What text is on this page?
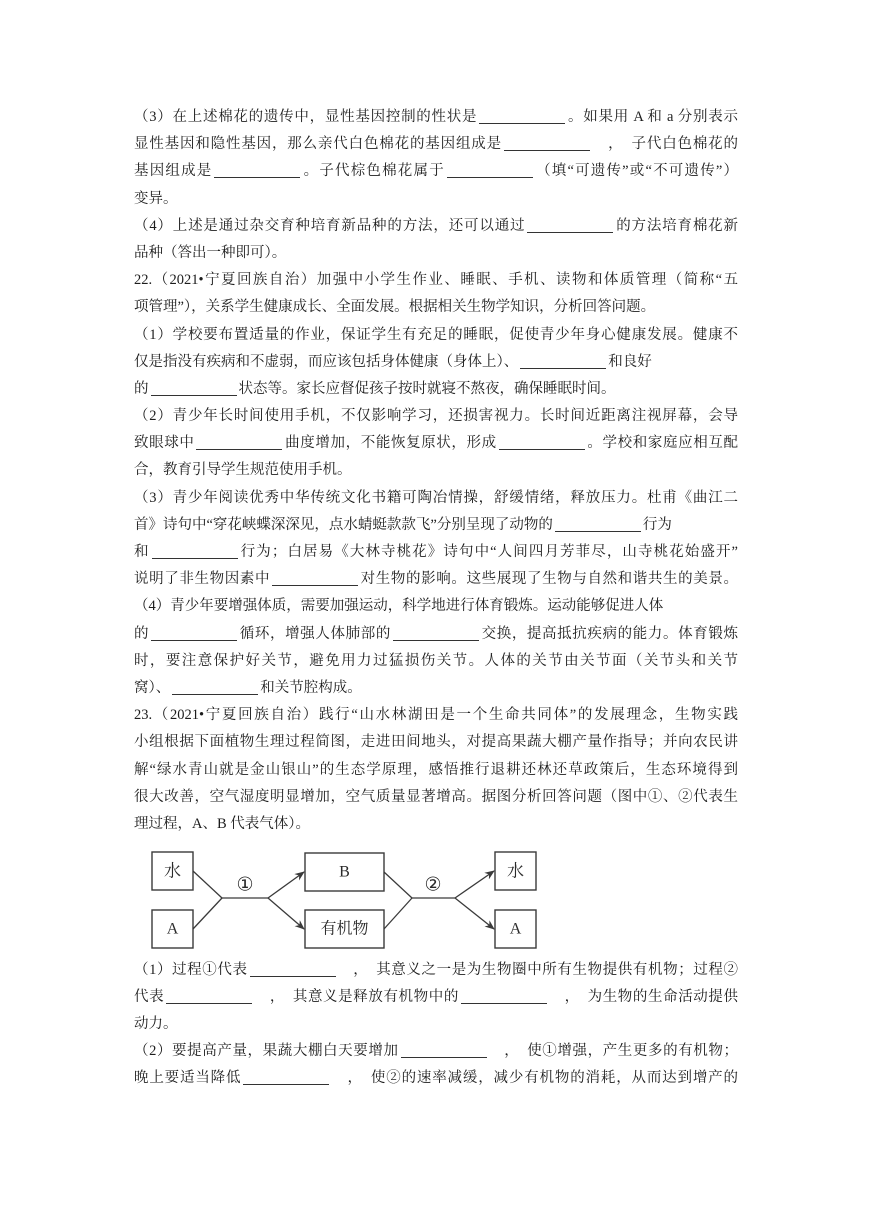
（3）在上述棉花的遗传中，显性基因控制的性状是	。如果用 A 和 a 分别表示
显性基因和隐性基因，那么亲代白色棉花的基因组成是	　，　子代白色棉花的
基因组成是	。子代棕色棉花属于	（填“可遗传”或“不可遗传”）
变异。
（4）上述是通过杂交育种培育新品种的方法，还可以通过	的方法培育棉花新
品种（答出一种即可）。
22.（2021•宁夏回族自治）加强中小学生作业、睡眠、手机、读物和体质管理（简称“五
项管理”），关系学生健康成长、全面发展。根据相关生物学知识，分析回答问题。
（1）学校要布置适量的作业，保证学生有充足的睡眠，促使青少年身心健康发展。健康不
仅是指没有疾病和不虚弱，而应该包括身体健康（身体上）、	和良好
的	状态等。家长应督促孩子按时就寝不熬夜，确保睡眠时间。
（2）青少年长时间使用手机，不仅影响学习，还损害视力。长时间近距离注视屏幕，会导
致眼球中	曲度增加，不能恢复原状，形成	。学校和家庭应相互配
合，教育引导学生规范使用手机。
（3）青少年阅读优秀中华传统文化书籍可陶冶情操，舒缓情绪，释放压力。杜甫《曲江二
首》诗句中“穿花峡蝶深深见，点水蜻蜓款款飞”分别呈现了动物的	行为
和	行为；白居易《大林寺桃花》诗句中“人间四月芳菲尽，山寺桃花始盛开”
说明了非生物因素中	对生物的影响。这些展现了生物与自然和谐共生的美景。
（4）青少年要增强体质，需要加强运动，科学地进行体育锻炼。运动能够促进人体
的	循环，增强人体肺部的	交换，提高抵抗疾病的能力。体育锻炼
时，要注意保护好关节，避免用力过猛损伤关节。人体的关节由关节面（关节头和关节
窝）、	和关节腔构成。
23.（2021•宁夏回族自治）践行“山水林湖田是一个生命共同体”的发展理念，生物实践
小组根据下面植物生理过程简图，走进田间地头，对提高果蔬大棚产量作指导；并向农民讲
解“绿水青山就是金山银山”的生态学原理，感悟推行退耕还林还草政策后，生态环境得到
很大改善，空气湿度明显增加，空气质量显著增高。据图分析回答问题（图中①、②代表生
理过程，A、B 代表气体）。
水
A
①
B
有机物
②
水
A
（1）过程①代表	　，　其意义之一是为生物圈中所有生物提供有机物；过程②
代表	　，　其意义是释放有机物中的	　，　为生物的生命活动提供
动力。
（2）要提高产量，果蔬大棚白天要增加	　，　使①增强，产生更多的有机物；
晚上要适当降低	　，　使②的速率减缓，减少有机物的消耗，从而达到增产的
